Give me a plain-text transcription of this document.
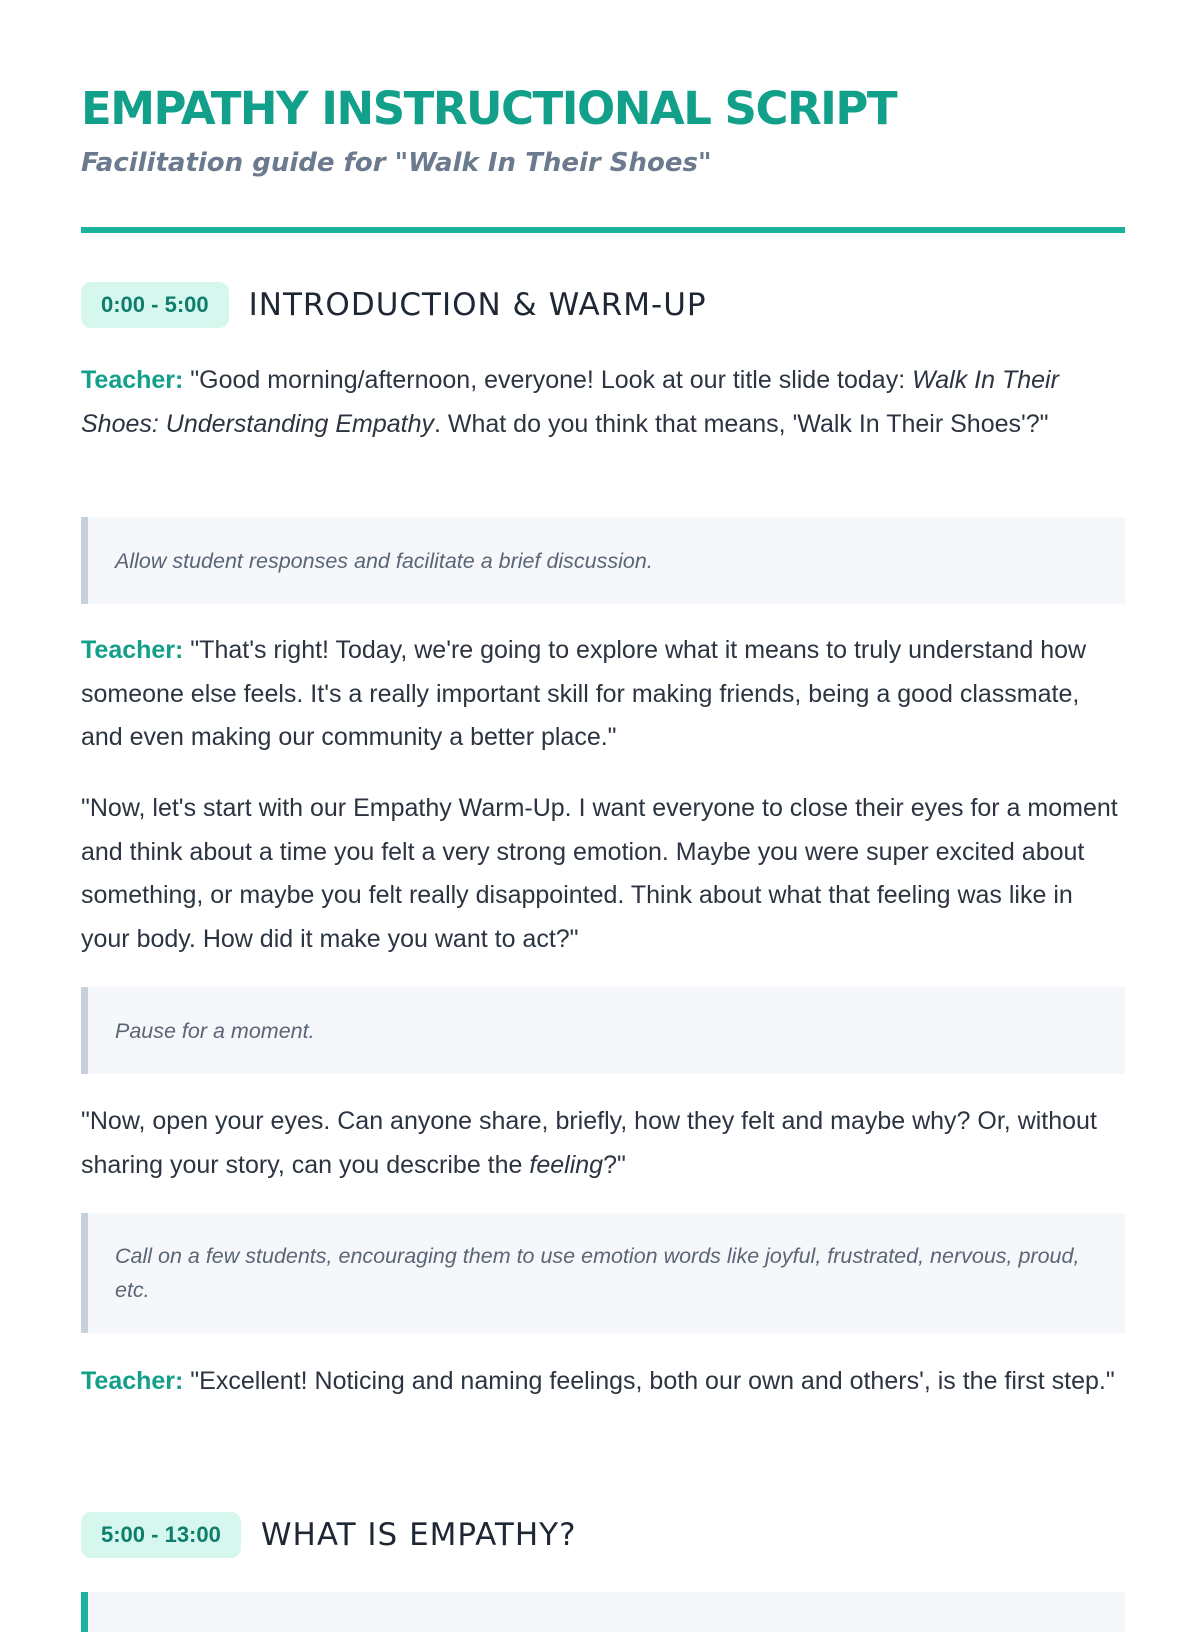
EMPATHY INSTRUCTIONAL SCRIPT

Facilitation guide for "Walk In Their Shoes"

0:00 - 5:00	INTRODUCTION & WARM-UP

Teacher: "Good morning/afternoon, everyone! Look at our title slide today: Walk In Their Shoes: Understanding Empathy. What do you think that means, 'Walk In Their Shoes'?"

Allow student responses and facilitate a brief discussion.

Teacher: "That's right! Today, we're going to explore what it means to truly understand how someone else feels. It's a really important skill for making friends, being a good classmate, and even making our community a better place."

"Now, let's start with our Empathy Warm-Up. I want everyone to close their eyes for a moment and think about a time you felt a very strong emotion. Maybe you were super excited about something, or maybe you felt really disappointed. Think about what that feeling was like in your body. How did it make you want to act?"

Pause for a moment.

"Now, open your eyes. Can anyone share, briefly, how they felt and maybe why? Or, without sharing your story, can you describe the feeling?"

Call on a few students, encouraging them to use emotion words like joyful, frustrated, nervous, proud, etc.

Teacher: "Excellent! Noticing and naming feelings, both our own and others', is the first step."

5:00 - 13:00	WHAT IS EMPATHY?
